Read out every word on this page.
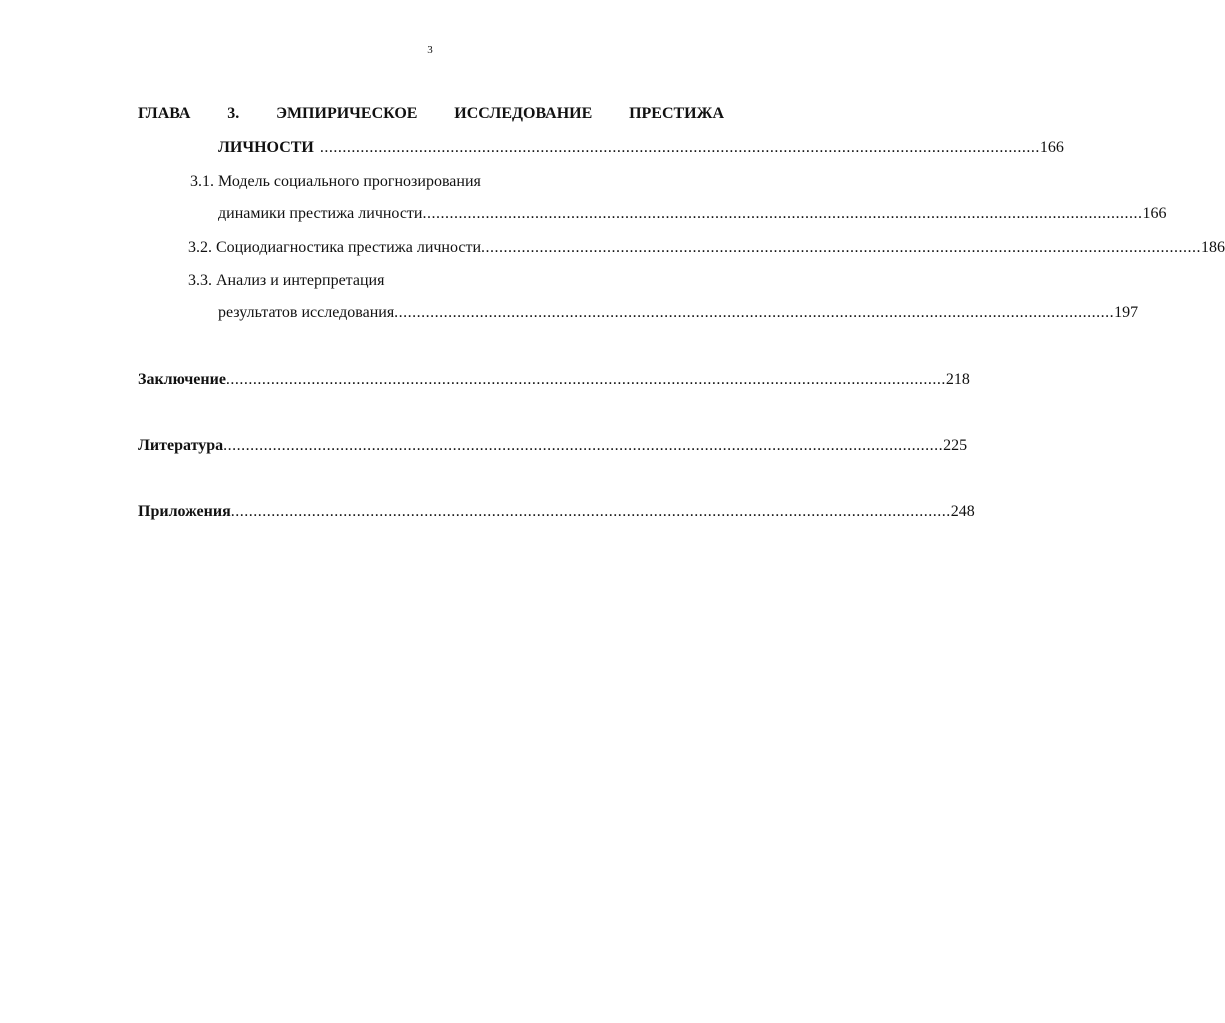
3
ГЛАВА 3. ЭМПИРИЧЕСКОЕ ИССЛЕДОВАНИЕ ПРЕСТИЖА
ЛИЧНОСТИ ................................................................................................................................................................ 166
3.1. Модель социального прогнозирования
динамики престижа личности ................................................................................................................................................................ 166
3.2. Социодиагностика престижа личности ................................................................................................................................................................ 186
3.3. Анализ и интерпретация
результатов исследования ................................................................................................................................................................ 197
Заключение ................................................................................................................................................................ 218
Литература ................................................................................................................................................................ 225
Приложения ................................................................................................................................................................ 248
